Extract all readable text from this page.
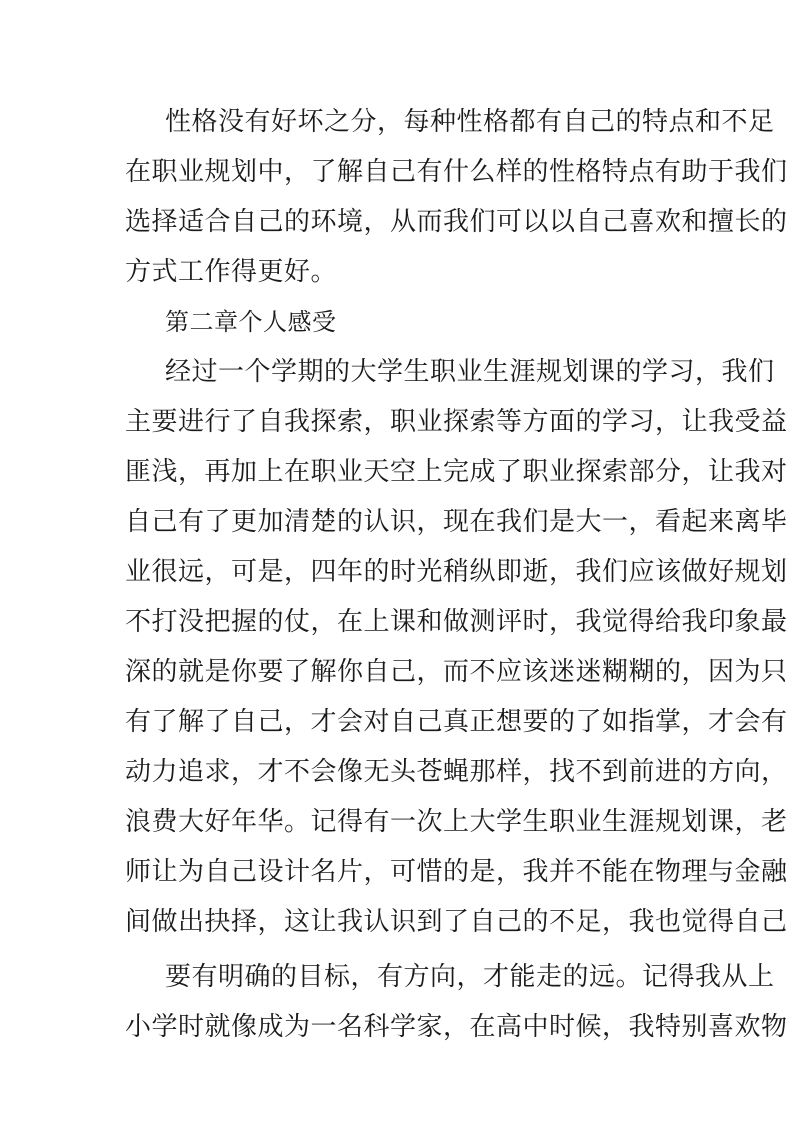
性格没有好坏之分，每种性格都有自己的特点和不足
在职业规划中，了解自己有什么样的性格特点有助于我们
选择适合自己的环境，从而我们可以以自己喜欢和擅长的
方式工作得更好。
第二章个人感受
经过一个学期的大学生职业生涯规划课的学习，我们
主要进行了自我探索，职业探索等方面的学习，让我受益
匪浅，再加上在职业天空上完成了职业探索部分，让我对
自己有了更加清楚的认识，现在我们是大一，看起来离毕
业很远，可是，四年的时光稍纵即逝，我们应该做好规划
不打没把握的仗，在上课和做测评时，我觉得给我印象最
深的就是你要了解你自己，而不应该迷迷糊糊的，因为只
有了解了自己，才会对自己真正想要的了如指掌，才会有
动力追求，才不会像无头苍蝇那样，找不到前进的方向，
浪费大好年华。记得有一次上大学生职业生涯规划课，老
师让为自己设计名片，可惜的是，我并不能在物理与金融
间做出抉择，这让我认识到了自己的不足，我也觉得自己
要有明确的目标，有方向，才能走的远。记得我从上
小学时就像成为一名科学家，在高中时候，我特别喜欢物
